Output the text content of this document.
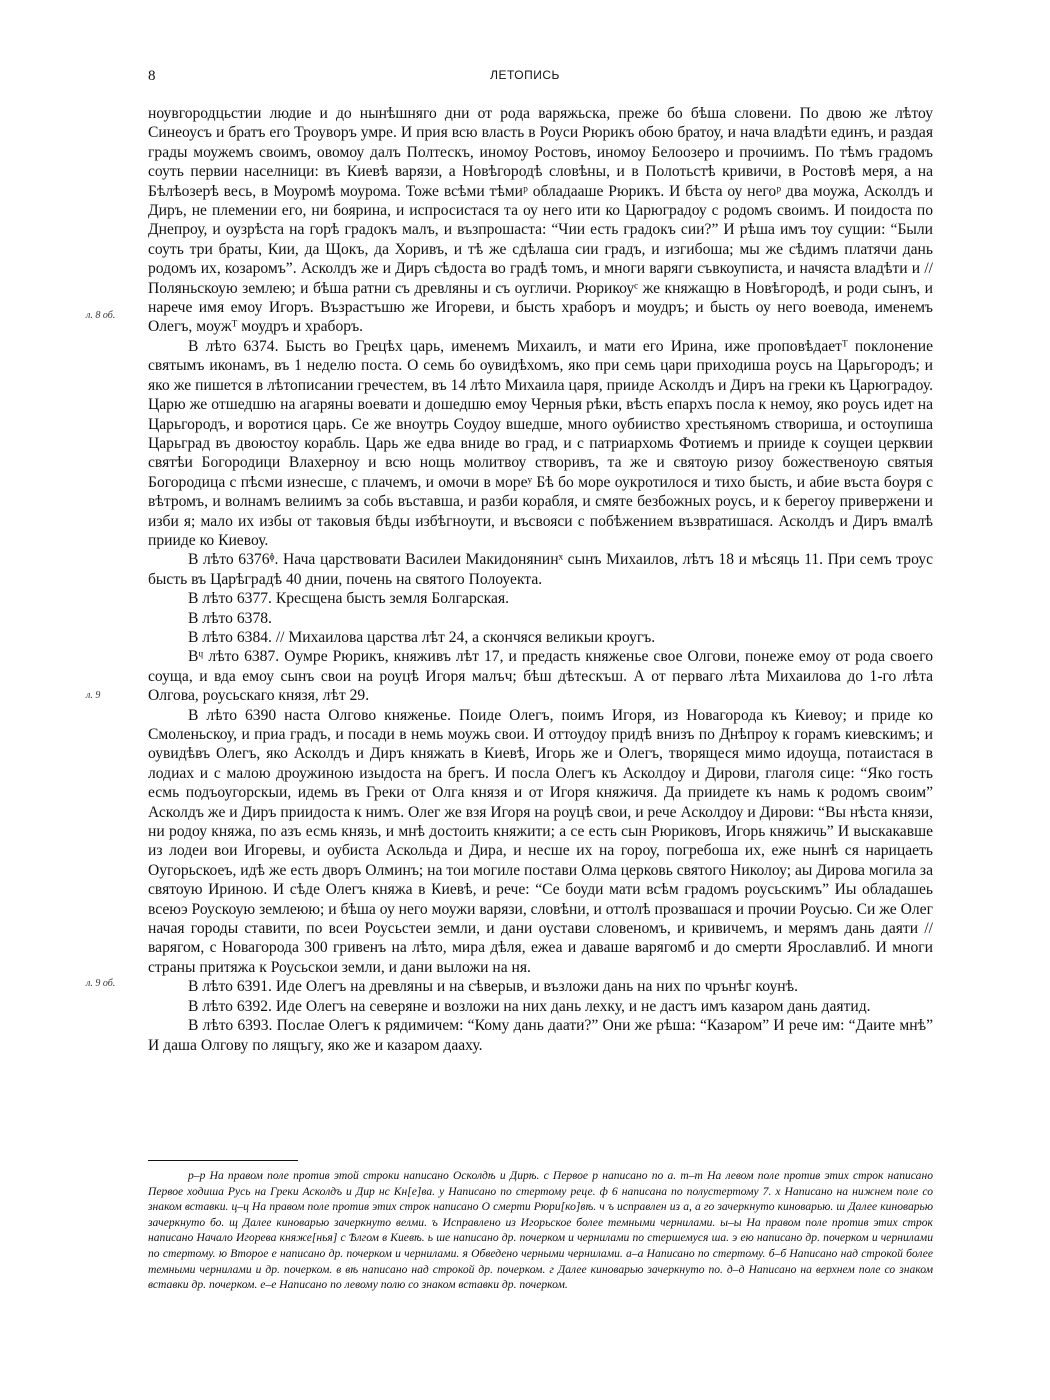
8	ЛЕТОПИСЬ
л. 8 об.
л. 9
л. 9 об.

ноувгородцьстии людие и до нынѣшняго дни от рода варяжьска, преже бо бѣша словени. По двою же лѣтоу Синеоусъ и братъ его Троуворъ умре. И прия всю власть в Роуси Рюрикъ обою братоу, и нача владѣти единъ, и раздая грады моужемъ своимъ, овомоу далъ Полтескъ, иномоу Ростовъ, иномоу Белоозеро и прочиимъ. По тѣмъ градомъ соуть первии населници: въ Киевѣ варязи, а Новѣгородѣ словѣны, и в Полотьстѣ кривичи, в Ростовѣ меря, а на Бѣлѣозерѣ весь, в Моуромѣ моурома. Тоже всѣми тѣмиᵖ обладааше Рюрикъ. И бѣста оу негоᵖ два моужа, Асколдъ и Диръ, не племении его, ни боярина, и испросистася та оу него ити ко Царюградоу с родомъ своимъ. И поидоста по Днепроу, и оузрѣста на горѣ градокъ малъ, и възпрошаста: “Чии есть градокъ сии?” И рѣша имъ тоу сущии: “Были соуть три браты, Кии, да Щокъ, да Хоривъ, и тѣ же сдѣлаша сии градъ, и изгибоша; мы же сѣдимъ платячи дань родомъ их, козаромъ”. Асколдъ же и Диръ сѣдоста во градѣ томъ, и многи варяги съвкоуписта, и начяста владѣти и // Поляньскоую землею; и бѣша ратни съ древляны и съ оугличи. Рюрикоуᶜ же княжащю в Новѣгородѣ, и роди сынъ, и нарече имя емоу Игоръ. Възрастъшю же Игореви, и бысть храборъ и моудръ; и бысть оу него воевода, именемъ Олегъ, моужᵀ моудръ и храборъ.

В лѣто 6374. Бысть во Грецѣх царь, именемъ Михаилъ, и мати его Ирина, иже проповѣдаетᵀ поклонение святымъ иконамъ, въ 1 неделю поста. О семь бо оувидѣхомъ, яко при семь цари приходиша роусь на Царьгородъ; и яко же пишется в лѣтописании гречестем, въ 14 лѣто Михаила царя, прииде Асколдъ и Диръ на греки къ Царюградоу. Царю же отшедшю на агаряны воевати и дошедшю емоу Черныя рѣки, вѣсть епархъ посла к немоу, яко роусь идет на Царьгородъ, и воротися царь. Се же вноутрь Соудоу вшедше, много оубииство хрестьяномъ створиша, и остоупиша Царьград въ двоюстоу корабль. Царь же едва вниде во град, и с патриархомь Фотиемъ и прииде к соущеи церквии святѣи Богородици Влахерноу и всю нощь молитвоу створивъ, та же и святоую ризоу божественоую святыя Богородица с пѣсми изнесше, с плачемъ, и омочи в мореʸ Бѣ бо море оукротилося и тихо бысть, и абие въста боуря с вѣтромъ, и волнамъ велиимъ за собь въставша, и разби корабля, и смяте безбожных роусь, и к берегоу привержени и изби я; мало их избы от таковыя бѣды избѣгноути, и въсвояси с побѣжением възвратишася. Асколдъ и Диръ вмалѣ прииде ко Киевоу.

В лѣто 6376ᶲ. Нача царствовати Василеи Макидонянинˣ сынъ Михаилов, лѣтъ 18 и мѣсяць 11. При семъ троус бысть въ Царѣградѣ 40 днии, почень на святого Полоуекта.

В лѣто 6377. Кресщена бысть земля Болгарская.

В лѣто 6378.

В лѣто 6384. // Михаилова царства лѣт 24, а скончяся великыи кроугъ.

Вᶣ лѣто 6387. Оумре Рюрикъ, княживъ лѣт 17, и предасть княженье свое Олгови, понеже емоу от рода своего соуща, и вда емоу сынъ свои на роуцѣ Игоря малъч; бѣш дѣтескъш. А от перваго лѣта Михаилова до 1-го лѣта Олгова, роусьскаго князя, лѣт 29.

В лѣто 6390 наста Олгово княженье. Поиде Олегъ, поимъ Игоря, из Новагорода къ Киевоу; и приде ко Смоленьскоу, и приа градъ, и посади в немь моужь свои. И оттоудоу придѣ внизъ по Днѣпроу к горамъ киевскимъ; и оувидѣвъ Олегъ, яко Асколдъ и Диръ княжать в Киевѣ, Игорь же и Олегъ, творящеся мимо идоуща, потаистася в лодиах и с малою дроужиною изыдоста на брегъ. И посла Олегъ къ Асколдоу и Дирови, глаголя сице: “Яко гость есмь подъоугорскыи, идемь въ Греки от Олга князя и от Игоря княжичя. Да приидете къ намь к родомъ своим” Асколдъ же и Диръ приидоста к нимъ. Олег же взя Игоря на роуцѣ свои, и рече Асколдоу и Дирови: “Вы нѣста князи, ни родоу княжа, по азъ есмь князь, и мнѣ достоить княжити; а се есть сын Рюриковъ, Игорь княжичь” И выскакавше из лодеи вои Игоревы, и оубиста Аскольда и Дира, и несше их на гороу, погребоша их, еже нынѣ ся нарицаеть Оугорьскоеъ, идѣ же есть дворъ Олминъ; на тои могиле постави Олма церковь святого Николоу; аы Дирова могила за святоую Ириною. И сѣде Олегъ княжа в Киевѣ, и рече: “Се боуди мати всѣм градомъ роусьскимъ” Иы обладашеь всеюэ Роускоую землеюю; и бѣша оу него моужи варязи, словѣни, и оттолѣ прозвашася и прочии Роусью. Си же Олег начая городы ставити, по всеи Роусьстеи земли, и дани оустави словеномъ, и кривичемъ, и мерямъ дань даяти // варягом, с Новагорода 300 гривенъ на лѣто, мира дѣля, ежеа и даваше варягомб и до смерти Ярославлиб. И многи страны притяжа к Роусьскои земли, и дани выложи на ня.

В лѣто 6391. Иде Олегъ на древляны и на сѣверыв, и възложи дань на них по чрънѣг коунѣ.

В лѣто 6392. Иде Олегъ на северяне и возложи на них дань лехку, и не дастъ имъ казаром дань даятид.

В лѣто 6393. Послае Олегъ к рядимичем: “Кому дань даати?” Они же рѣша: “Казаром” И рече им: “Даите мнѣ” И даша Олгову по лящъгу, яко же и казаром дааху.

р–р На правом поле против этой строки написано Осколдѣ и Дирѣ. с Первое р написано по а. т–т На левом поле против этих строк написано Первое ходиша Русь на Греки Асколдъ и Дир нс Кн[е]ва. у Написано по стертому реце. ф 6 написана по полустертому 7. х Написано на нижнем поле со знаком вставки. ц–ц На правом поле против этих строк написано О смерти Рюри[ко]вѣ. ч ъ исправлен из а, а го зачеркнуто киноварью. ш Далее киноварью зачеркнуто бо. щ Далее киноварью зачеркнуто велми. ъ Исправлено из Игорьское более темными чернилами. ы–ы На правом поле против этих строк написано Начало Игорева княже[нья] с Ѣлгом в Киевѣ. ь ше написано др. почерком и чернилами по стершемуся ша. э ею написано др. почерком и чернилами по стертому. ю Второе е написано др. почерком и чернилами. я Обведено черными чернилами. а–а Написано по стертому. б–б Написано над строкой более темными чернилами и др. почерком. в вѣ написано над строкой др. почерком. г Далее киноварью зачеркнуто по. д–д Написано на верхнем поле со знаком вставки др. почерком. е–е Написано по левому полю со знаком вставки др. почерком.
